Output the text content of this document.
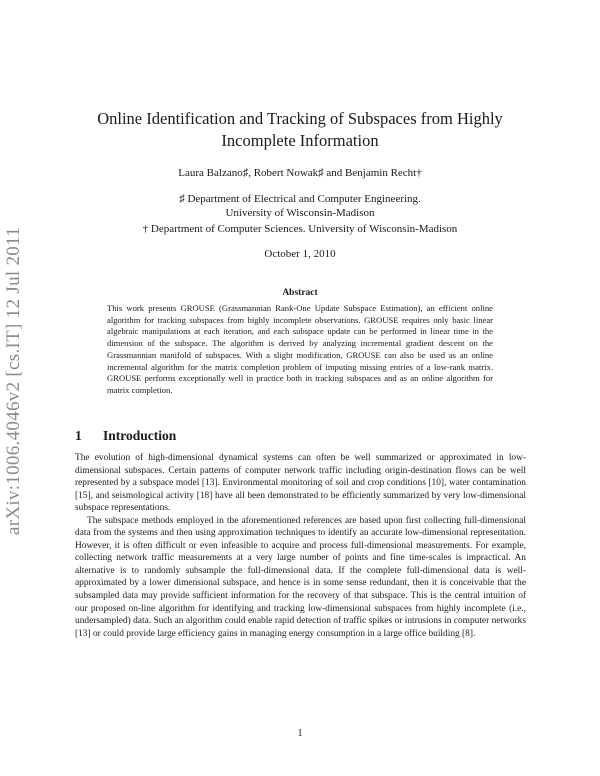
arXiv:1006.4046v2 [cs.IT] 12 Jul 2011
Online Identification and Tracking of Subspaces from Highly Incomplete Information
Laura Balzano♯, Robert Nowak♯ and Benjamin Recht†
♯ Department of Electrical and Computer Engineering.
University of Wisconsin-Madison
† Department of Computer Sciences. University of Wisconsin-Madison
October 1, 2010
Abstract
This work presents GROUSE (Grassmannian Rank-One Update Subspace Estimation), an efficient online algorithm for tracking subspaces from highly incomplete observations. GROUSE requires only basic linear algebraic manipulations at each iteration, and each subspace update can be performed in linear time in the dimension of the subspace. The algorithm is derived by analyzing incremental gradient descent on the Grassmannian manifold of subspaces. With a slight modification, GROUSE can also be used as an online incremental algorithm for the matrix completion problem of imputing missing entries of a low-rank matrix. GROUSE performs exceptionally well in practice both in tracking subspaces and as an online algorithm for matrix completion.
1 Introduction

The evolution of high-dimensional dynamical systems can often be well summarized or approximated in low-dimensional subspaces. Certain patterns of computer network traffic including origin-destination flows can be well represented by a subspace model [13]. Environmental monitoring of soil and crop conditions [10], water contamination [15], and seismological activity [18] have all been demonstrated to be efficiently summarized by very low-dimensional subspace representations.

The subspace methods employed in the aforementioned references are based upon first collecting full-dimensional data from the systems and then using approximation techniques to identify an accurate low-dimensional representation. However, it is often difficult or even infeasible to acquire and process full-dimensional measurements. For example, collecting network traffic measurements at a very large number of points and fine time-scales is impractical. An alternative is to randomly subsample the full-dimensional data. If the complete full-dimensional data is well-approximated by a lower dimensional subspace, and hence is in some sense redundant, then it is conceivable that the subsampled data may provide sufficient information for the recovery of that subspace. This is the central intuition of our proposed on-line algorithm for identifying and tracking low-dimensional subspaces from highly incomplete (i.e., undersampled) data. Such an algorithm could enable rapid detection of traffic spikes or intrusions in computer networks [13] or could provide large efficiency gains in managing energy consumption in a large office building [8].

1
